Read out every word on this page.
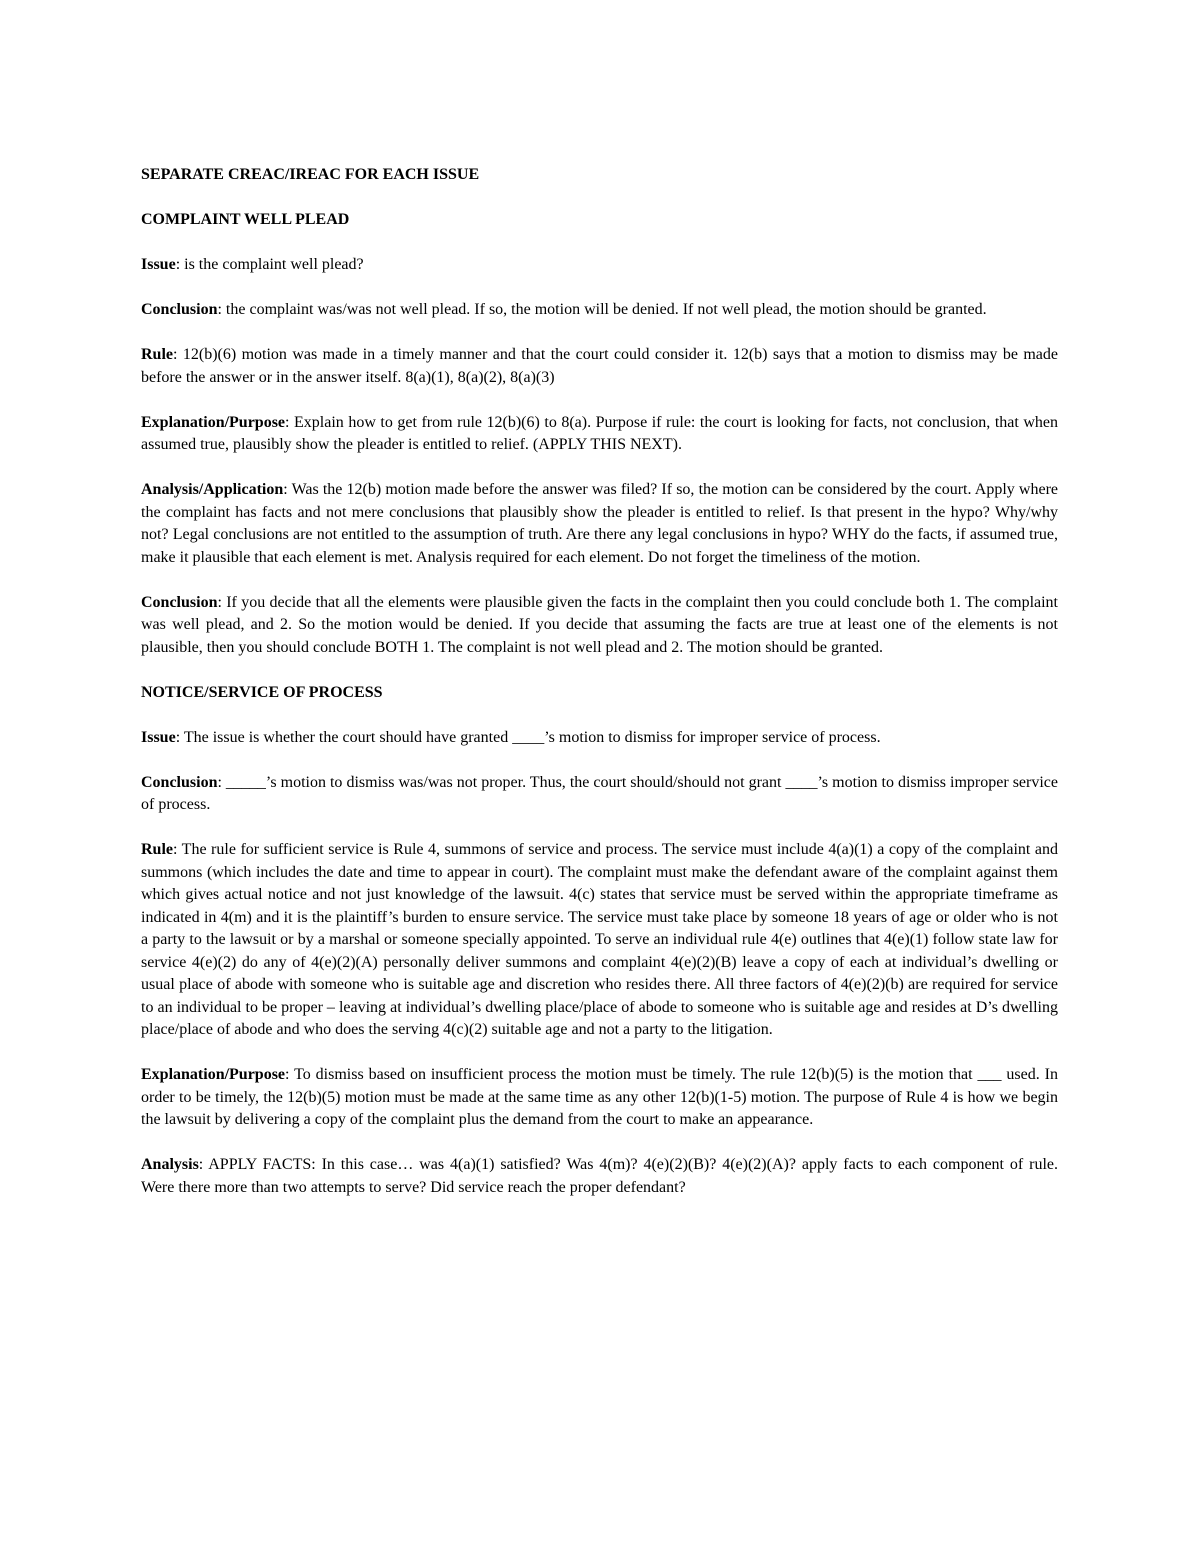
SEPARATE CREAC/IREAC FOR EACH ISSUE
COMPLAINT WELL PLEAD
Issue: is the complaint well plead?
Conclusion: the complaint was/was not well plead. If so, the motion will be denied. If not well plead, the motion should be granted.
Rule: 12(b)(6) motion was made in a timely manner and that the court could consider it. 12(b) says that a motion to dismiss may be made before the answer or in the answer itself. 8(a)(1), 8(a)(2), 8(a)(3)
Explanation/Purpose: Explain how to get from rule 12(b)(6) to 8(a). Purpose if rule: the court is looking for facts, not conclusion, that when assumed true, plausibly show the pleader is entitled to relief. (APPLY THIS NEXT).
Analysis/Application: Was the 12(b) motion made before the answer was filed? If so, the motion can be considered by the court. Apply where the complaint has facts and not mere conclusions that plausibly show the pleader is entitled to relief. Is that present in the hypo? Why/why not? Legal conclusions are not entitled to the assumption of truth. Are there any legal conclusions in hypo? WHY do the facts, if assumed true, make it plausible that each element is met. Analysis required for each element. Do not forget the timeliness of the motion.
Conclusion: If you decide that all the elements were plausible given the facts in the complaint then you could conclude both 1. The complaint was well plead, and 2. So the motion would be denied. If you decide that assuming the facts are true at least one of the elements is not plausible, then you should conclude BOTH 1. The complaint is not well plead and 2. The motion should be granted.
NOTICE/SERVICE OF PROCESS
Issue: The issue is whether the court should have granted ____’s motion to dismiss for improper service of process.
Conclusion: _____’s motion to dismiss was/was not proper. Thus, the court should/should not grant ____’s motion to dismiss improper service of process.
Rule: The rule for sufficient service is Rule 4, summons of service and process. The service must include 4(a)(1) a copy of the complaint and summons (which includes the date and time to appear in court). The complaint must make the defendant aware of the complaint against them which gives actual notice and not just knowledge of the lawsuit. 4(c) states that service must be served within the appropriate timeframe as indicated in 4(m) and it is the plaintiff’s burden to ensure service. The service must take place by someone 18 years of age or older who is not a party to the lawsuit or by a marshal or someone specially appointed. To serve an individual rule 4(e) outlines that 4(e)(1) follow state law for service 4(e)(2) do any of 4(e)(2)(A) personally deliver summons and complaint 4(e)(2)(B) leave a copy of each at individual’s dwelling or usual place of abode with someone who is suitable age and discretion who resides there. All three factors of 4(e)(2)(b) are required for service to an individual to be proper – leaving at individual’s dwelling place/place of abode to someone who is suitable age and resides at D’s dwelling place/place of abode and who does the serving 4(c)(2) suitable age and not a party to the litigation.
Explanation/Purpose: To dismiss based on insufficient process the motion must be timely. The rule 12(b)(5) is the motion that ___ used. In order to be timely, the 12(b)(5) motion must be made at the same time as any other 12(b)(1-5) motion. The purpose of Rule 4 is how we begin the lawsuit by delivering a copy of the complaint plus the demand from the court to make an appearance.
Analysis: APPLY FACTS: In this case… was 4(a)(1) satisfied? Was 4(m)? 4(e)(2)(B)? 4(e)(2)(A)? apply facts to each component of rule. Were there more than two attempts to serve? Did service reach the proper defendant?
